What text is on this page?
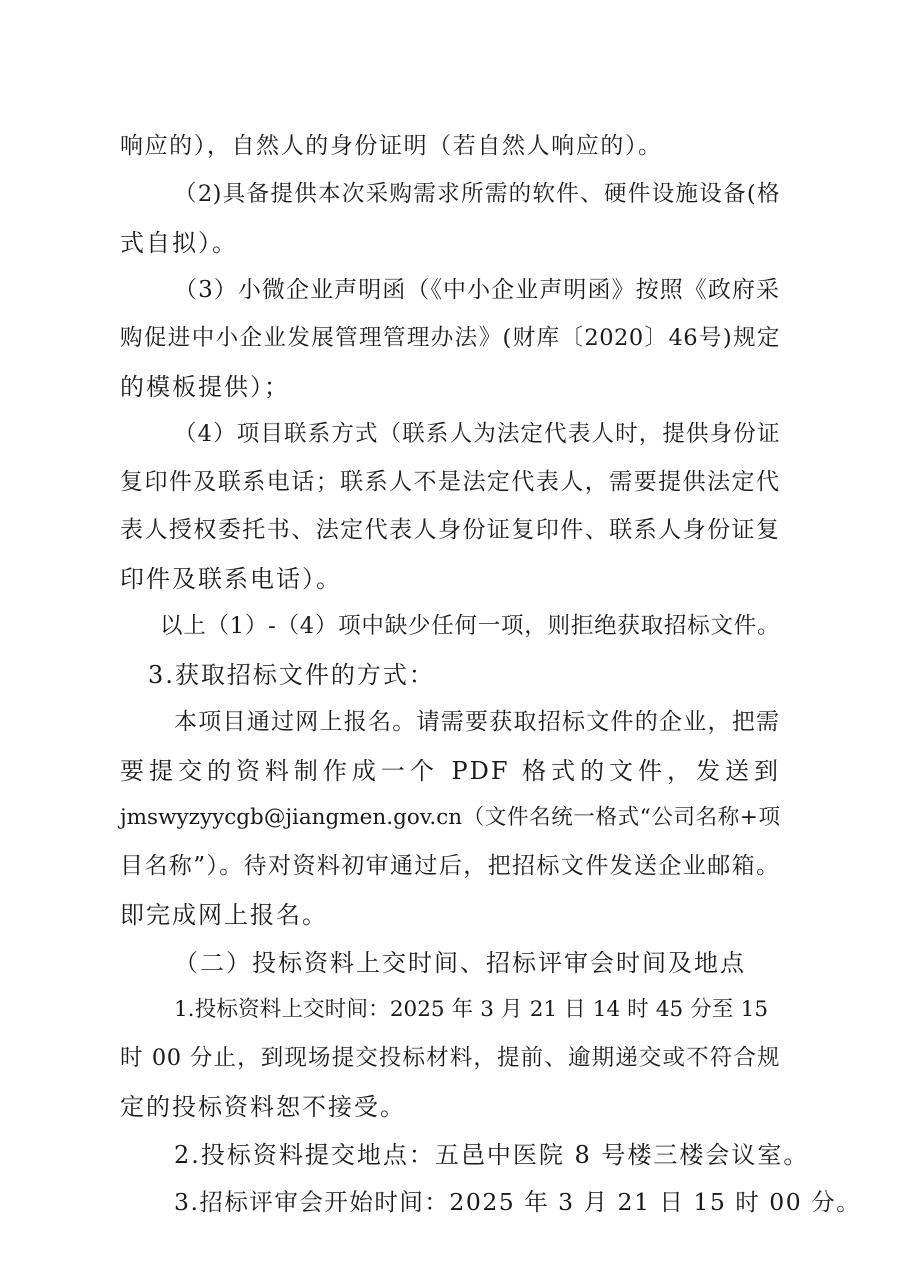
响应的），自然人的身份证明（若自然人响应的）。
（2)具备提供本次采购需求所需的软件、硬件设施设备(格
式自拟）。
（3）小微企业声明函（《中小企业声明函》按照《政府采
购促进中小企业发展管理管理办法》(财库〔2020〕46号)规定
的模板提供）；
（4）项目联系方式（联系人为法定代表人时，提供身份证
复印件及联系电话；联系人不是法定代表人，需要提供法定代
表人授权委托书、法定代表人身份证复印件、联系人身份证复
印件及联系电话）。
以上（1）-（4）项中缺少任何一项，则拒绝获取招标文件。
3.获取招标文件的方式：
本项目通过网上报名。请需要获取招标文件的企业，把需
要提交的资料制作成一个 PDF 格式的文件，发送到
jmswyzyycgb@jiangmen.gov.cn（文件名统一格式“公司名称+项
目名称”）。待对资料初审通过后，把招标文件发送企业邮箱。
即完成网上报名。
（二）投标资料上交时间、招标评审会时间及地点
1.投标资料上交时间：2025 年 3 月 21 日 14 时 45 分至 15
时 00 分止，到现场提交投标材料，提前、逾期递交或不符合规
定的投标资料恕不接受。
2.投标资料提交地点：五邑中医院 8 号楼三楼会议室。
3.招标评审会开始时间：2025 年 3 月 21 日 15 时 00 分。
